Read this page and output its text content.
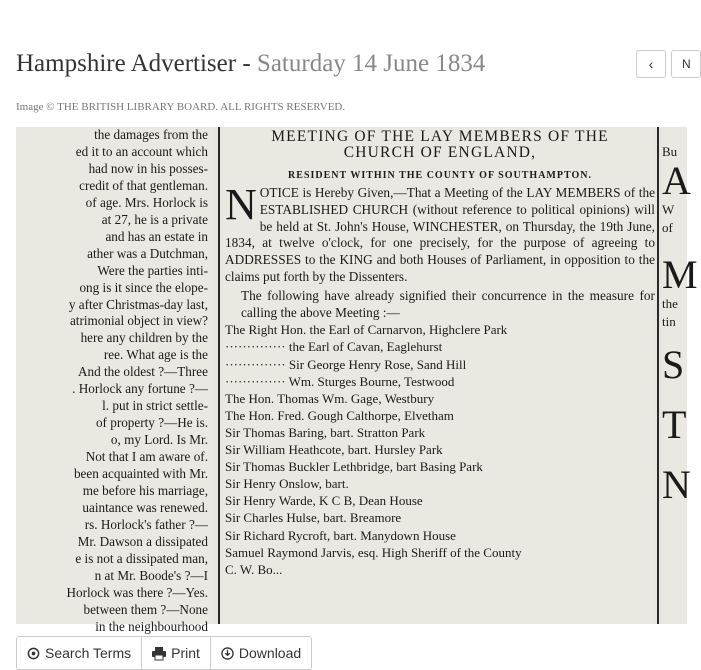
Hampshire Advertiser - Saturday 14 June 1834	‹	N
Image © THE BRITISH LIBRARY BOARD. ALL RIGHTS RESERVED.
the damages from the
ed it to an account which
had now in his posses-
credit of that gentleman.
of age. Mrs. Horlock is
at 27, he is a private
and has an estate in
ather was a Dutchman,
Were the parties inti-
ong is it since the elope-
y after Christmas-day last,
atrimonial object in view?
here any children by the
ree. What age is the
And the oldest ?—Three
. Horlock any fortune ?—
l. put in strict settle-
of property ?—He is.
o, my Lord. Is Mr.
Not that I am aware of.
been acquainted with Mr.
me before his marriage,
uaintance was renewed.
rs. Horlock's father ?—
Mr. Dawson a dissipated
e is not a dissipated man,
n at Mr. Boode's ?—I
Horlock was there ?—Yes.
between them ?—None
in the neighbourhood
MEETING OF THE LAY MEMBERS OF THE
CHURCH OF ENGLAND,
RESIDENT WITHIN THE COUNTY OF SOUTHAMPTON.
NOTICE is Hereby Given,—That a Meeting of the LAY MEMBERS of the ESTABLISHED CHURCH (without reference to political opinions) will be held at St. John's House, WINCHESTER, on Thursday, the 19th June, 1834, at twelve o'clock, for one precisely, for the purpose of agreeing to ADDRESSES to the KING and both Houses of Parliament, in opposition to the claims put forth by the Dissenters.
The following have already signified their concurrence in the measure for calling the above Meeting :—
The Right Hon. the Earl of Carnarvon, Highclere Park
·············· the Earl of Cavan, Eaglehurst
·············· Sir George Henry Rose, Sand Hill
·············· Wm. Sturges Bourne, Testwood
The Hon. Thomas Wm. Gage, Westbury
The Hon. Fred. Gough Calthorpe, Elvetham
Sir Thomas Baring, bart. Stratton Park
Sir William Heathcote, bart. Hursley Park
Sir Thomas Buckler Lethbridge, bart Basing Park
Sir Henry Onslow, bart.
Sir Henry Warde, K C B, Dean House
Sir Charles Hulse, bart. Breamore
Sir Richard Rycroft, bart. Manydown House
Samuel Raymond Jarvis, esq. High Sheriff of the County
C. W. Bo...
Bu
A
W
of
M
the
tin
S
T
N
Search Terms	Print	Download
